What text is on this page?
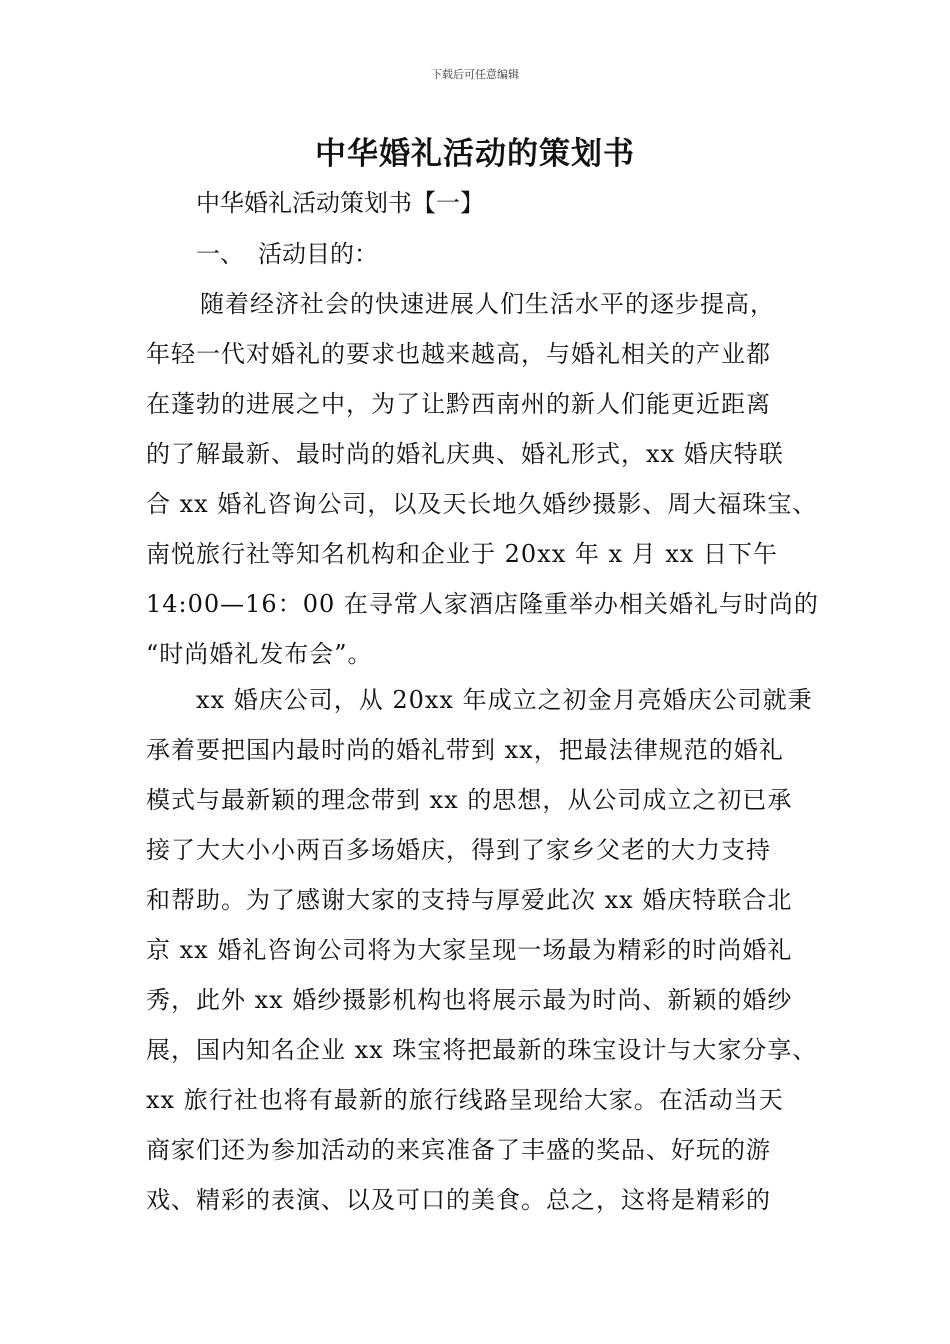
下载后可任意编辑
中华婚礼活动的策划书
中华婚礼活动策划书【一】
一、 活动目的：
随着经济社会的快速进展人们生活水平的逐步提高，
年轻一代对婚礼的要求也越来越高，与婚礼相关的产业都
在蓬勃的进展之中，为了让黔西南州的新人们能更近距离
的了解最新、最时尚的婚礼庆典、婚礼形式，xx 婚庆特联
合 xx 婚礼咨询公司，以及天长地久婚纱摄影、周大福珠宝、
南悦旅行社等知名机构和企业于 20xx 年 x 月 xx 日下午
14:00—16：00 在寻常人家酒店隆重举办相关婚礼与时尚的
“时尚婚礼发布会”。
xx 婚庆公司，从 20xx 年成立之初金月亮婚庆公司就秉
承着要把国内最时尚的婚礼带到 xx，把最法律规范的婚礼
模式与最新颖的理念带到 xx 的思想，从公司成立之初已承
接了大大小小两百多场婚庆，得到了家乡父老的大力支持
和帮助。为了感谢大家的支持与厚爱此次 xx 婚庆特联合北
京 xx 婚礼咨询公司将为大家呈现一场最为精彩的时尚婚礼
秀，此外 xx 婚纱摄影机构也将展示最为时尚、新颖的婚纱
展，国内知名企业 xx 珠宝将把最新的珠宝设计与大家分享、
xx 旅行社也将有最新的旅行线路呈现给大家。在活动当天
商家们还为参加活动的来宾准备了丰盛的奖品、好玩的游
戏、精彩的表演、以及可口的美食。总之，这将是精彩的
